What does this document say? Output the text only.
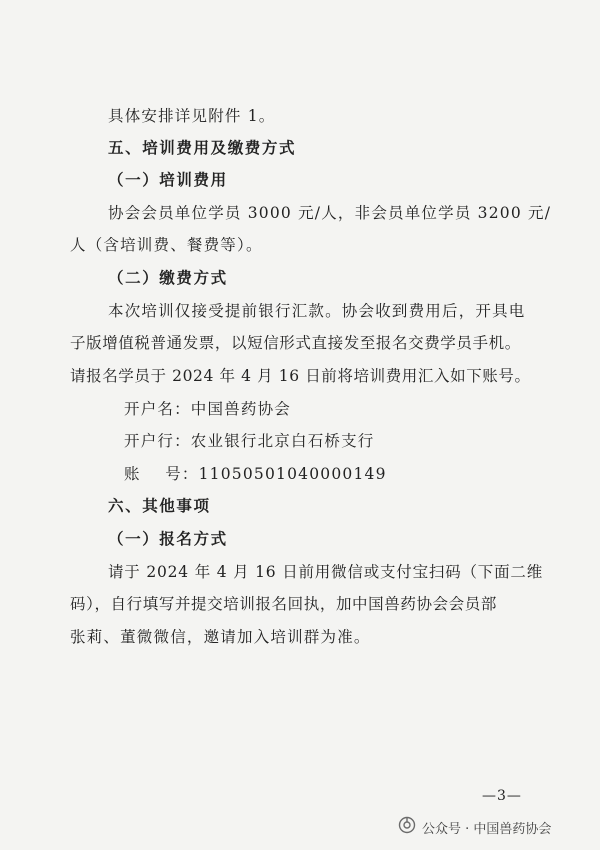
具体安排详见附件 1。
五、培训费用及缴费方式
（一）培训费用
协会会员单位学员 3000 元/人，非会员单位学员 3200 元/
人（含培训费、餐费等）。
（二）缴费方式
本次培训仅接受提前银行汇款。协会收到费用后，开具电
子版增值税普通发票，以短信形式直接发至报名交费学员手机。
请报名学员于 2024 年 4 月 16 日前将培训费用汇入如下账号。
开户名：中国兽药协会
开户行：农业银行北京白石桥支行
账    号：11050501040000149
六、其他事项
（一）报名方式
请于 2024 年 4 月 16 日前用微信或支付宝扫码（下面二维
码），自行填写并提交培训报名回执，加中国兽药协会会员部
张莉、董微微信，邀请加入培训群为准。
—3—
公众号 · 中国兽药协会
